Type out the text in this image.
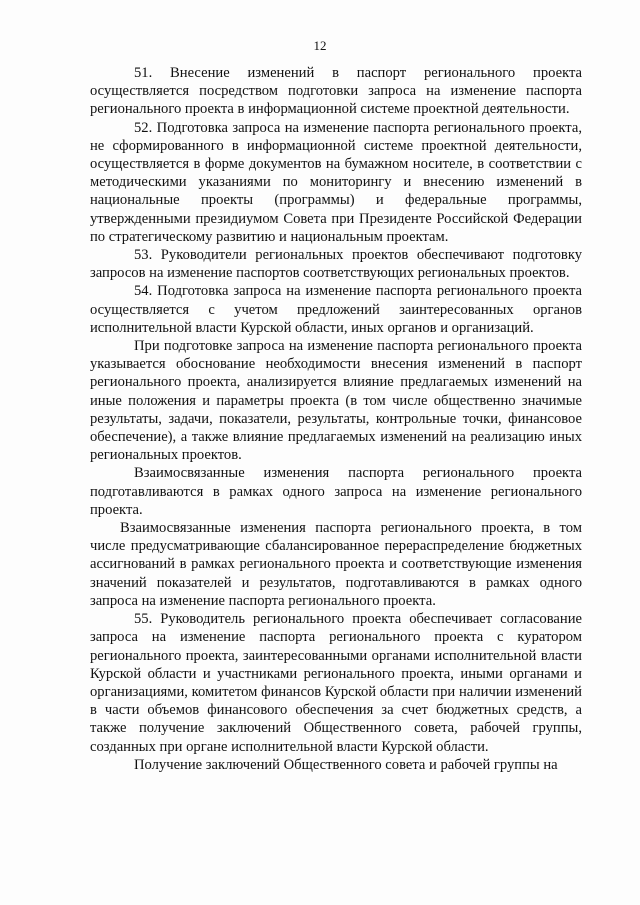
12

51. Внесение изменений в паспорт регионального проекта осуществляется посредством подготовки запроса на изменение паспорта регионального проекта в информационной системе проектной деятельности.

52. Подготовка запроса на изменение паспорта регионального проекта, не сформированного в информационной системе проектной деятельности, осуществляется в форме документов на бумажном носителе, в соответствии с методическими указаниями по мониторингу и внесению изменений в национальные проекты (программы) и федеральные программы, утвержденными президиумом Совета при Президенте Российской Федерации по стратегическому развитию и национальным проектам.

53. Руководители региональных проектов обеспечивают подготовку запросов на изменение паспортов соответствующих региональных проектов.

54. Подготовка запроса на изменение паспорта регионального проекта осуществляется с учетом предложений заинтересованных органов исполнительной власти Курской области, иных органов и организаций.

При подготовке запроса на изменение паспорта регионального проекта указывается обоснование необходимости внесения изменений в паспорт регионального проекта, анализируется влияние предлагаемых изменений на иные положения и параметры проекта (в том числе общественно значимые результаты, задачи, показатели, результаты, контрольные точки, финансовое обеспечение), а также влияние предлагаемых изменений на реализацию иных региональных проектов.

Взаимосвязанные изменения паспорта регионального проекта подготавливаются в рамках одного запроса на изменение регионального проекта.

Взаимосвязанные изменения паспорта регионального проекта, в том числе предусматривающие сбалансированное перераспределение бюджетных ассигнований в рамках регионального проекта и соответствующие изменения значений показателей и результатов, подготавливаются в рамках одного запроса на изменение паспорта регионального проекта.

55. Руководитель регионального проекта обеспечивает согласование запроса на изменение паспорта регионального проекта с куратором регионального проекта, заинтересованными органами исполнительной власти Курской области и участниками регионального проекта, иными органами и организациями, комитетом финансов Курской области при наличии изменений в части объемов финансового обеспечения за счет бюджетных средств, а также получение заключений Общественного совета, рабочей группы, созданных при органе исполнительной власти Курской области.

Получение заключений Общественного совета и рабочей группы на
